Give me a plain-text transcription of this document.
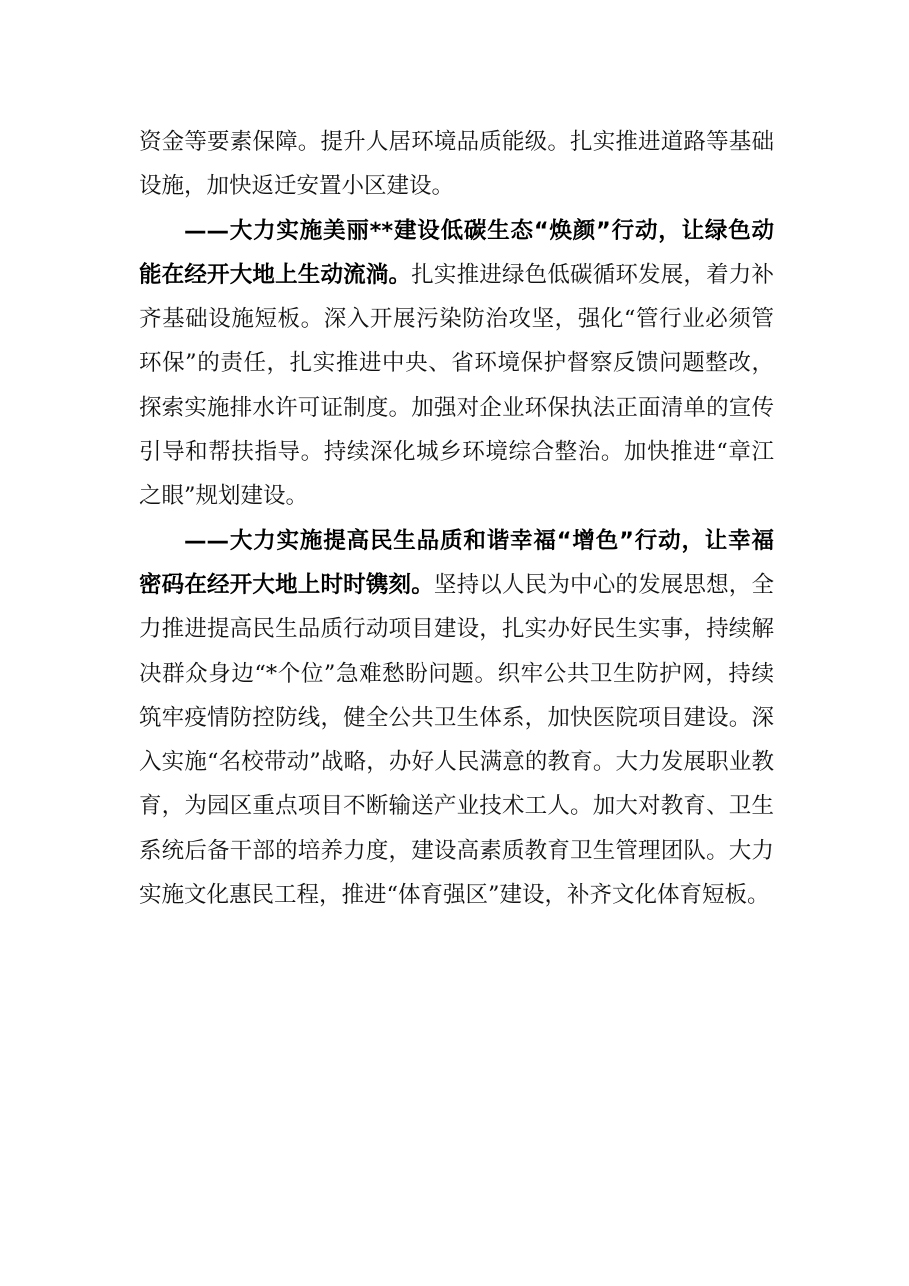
资金等要素保障。提升人居环境品质能级。扎实推进道路等基础设施，加快返迁安置小区建设。

——大力实施美丽**建设低碳生态“焕颜”行动，让绿色动能在经开大地上生动流淌。扎实推进绿色低碳循环发展，着力补齐基础设施短板。深入开展污染防治攻坚，强化“管行业必须管环保”的责任，扎实推进中央、省环境保护督察反馈问题整改，探索实施排水许可证制度。加强对企业环保执法正面清单的宣传引导和帮扶指导。持续深化城乡环境综合整治。加快推进“章江之眼”规划建设。

——大力实施提高民生品质和谐幸福“增色”行动，让幸福密码在经开大地上时时镌刻。坚持以人民为中心的发展思想，全力推进提高民生品质行动项目建设，扎实办好民生实事，持续解决群众身边“*个位”急难愁盼问题。织牢公共卫生防护网，持续筑牢疫情防控防线，健全公共卫生体系，加快医院项目建设。深入实施“名校带动”战略，办好人民满意的教育。大力发展职业教育，为园区重点项目不断输送产业技术工人。加大对教育、卫生系统后备干部的培养力度，建设高素质教育卫生管理团队。大力实施文化惠民工程，推进“体育强区”建设，补齐文化体育短板。
